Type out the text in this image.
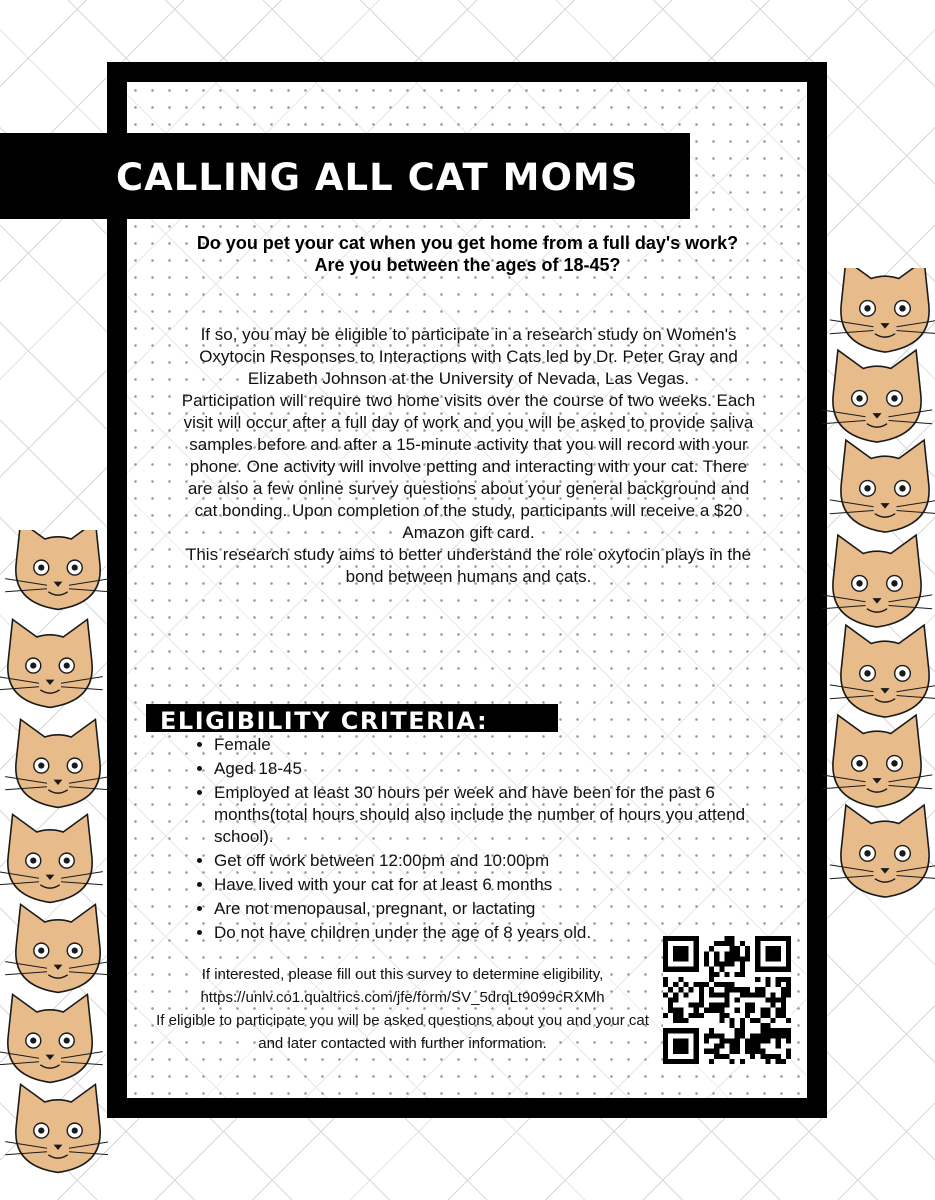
CALLING ALL CAT MOMS
Do you pet your cat when you get home from a full day's work?
Are you between the ages of 18-45?

If so, you may be eligible to participate in a research study on Women's Oxytocin Responses to Interactions with Cats led by Dr. Peter Gray and Elizabeth Johnson at the University of Nevada, Las Vegas.

Participation will require two home visits over the course of two weeks. Each visit will occur after a full day of work and you will be asked to provide saliva samples before and after a 15-minute activity that you will record with your phone. One activity will involve petting and interacting with your cat. There are also a few online survey questions about your general background and cat bonding. Upon completion of the study, participants will receive a $20 Amazon gift card.

This research study aims to better understand the role oxytocin plays in the bond between humans and cats.

ELIGIBILITY CRITERIA:
• Female
• Aged 18-45
• Employed at least 30 hours per week and have been for the past 6 months(total hours should also include the number of hours you attend school).
• Get off work between 12:00pm and 10:00pm
• Have lived with your cat for at least 6 months
• Are not menopausal, pregnant, or lactating
• Do not have children under the age of 8 years old.

If interested, please fill out this survey to determine eligibility,

https://unlv.co1.qualtrics.com/jfe/form/SV_5drqLt9099cRXMh

If eligible to participate you will be asked questions about you and your cat and later contacted with further information.
